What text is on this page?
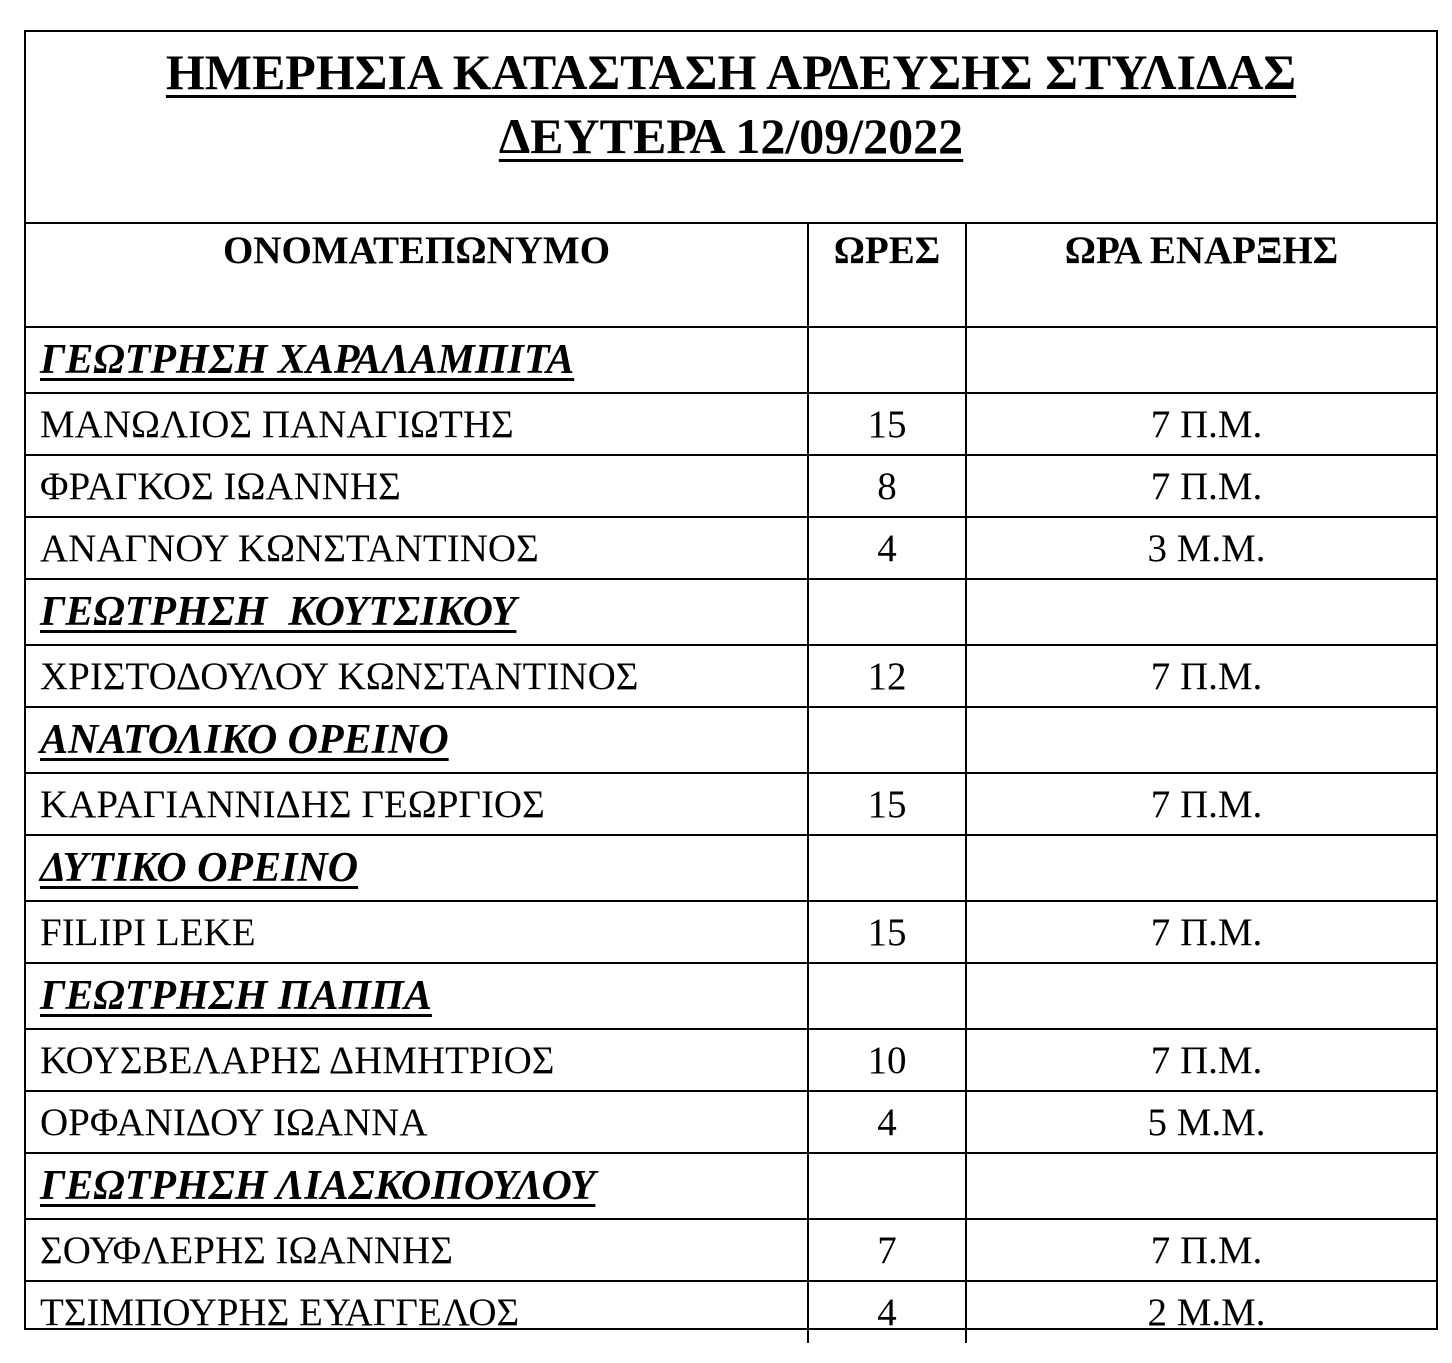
ΗΜΕΡΗΣΙΑ ΚΑΤΑΣΤΑΣΗ ΑΡΔΕΥΣΗΣ ΣΤΥΛΙΔΑΣ
ΔΕΥΤΕΡΑ 12/09/2022
ΟΝΟΜΑΤΕΠΩΝΥΜΟ	ΩΡΕΣ	ΩΡΑ ΕΝΑΡΞΗΣ
ΓΕΩΤΡΗΣΗ ΧΑΡΑΛΑΜΠΙΤΑ		
ΜΑΝΩΛΙΟΣ ΠΑΝΑΓΙΩΤΗΣ	15	7 Π.Μ.
ΦΡΑΓΚΟΣ ΙΩΑΝΝΗΣ	8	7 Π.Μ.
ΑΝΑΓΝΟΥ ΚΩΝΣΤΑΝΤΙΝΟΣ	4	3 Μ.Μ.
ΓΕΩΤΡΗΣΗ  ΚΟΥΤΣΙΚΟΥ		
ΧΡΙΣΤΟΔΟΥΛΟΥ ΚΩΝΣΤΑΝΤΙΝΟΣ	12	7 Π.Μ.
ΑΝΑΤΟΛΙΚΟ ΟΡΕΙΝΟ		
ΚΑΡΑΓΙΑΝΝΙΔΗΣ ΓΕΩΡΓΙΟΣ	15	7 Π.Μ.
ΔΥΤΙΚΟ ΟΡΕΙΝΟ		
FILIPI LEKE	15	7 Π.Μ.
ΓΕΩΤΡΗΣΗ ΠΑΠΠΑ		
ΚΟΥΣΒΕΛΑΡΗΣ ΔΗΜΗΤΡΙΟΣ	10	7 Π.Μ.
ΟΡΦΑΝΙΔΟΥ ΙΩΑΝΝΑ	4	5 Μ.Μ.
ΓΕΩΤΡΗΣΗ ΛΙΑΣΚΟΠΟΥΛΟΥ		
ΣΟΥΦΛΕΡΗΣ ΙΩΑΝΝΗΣ	7	7 Π.Μ.
ΤΣΙΜΠΟΥΡΗΣ ΕΥΑΓΓΕΛΟΣ	4	2 Μ.Μ.
